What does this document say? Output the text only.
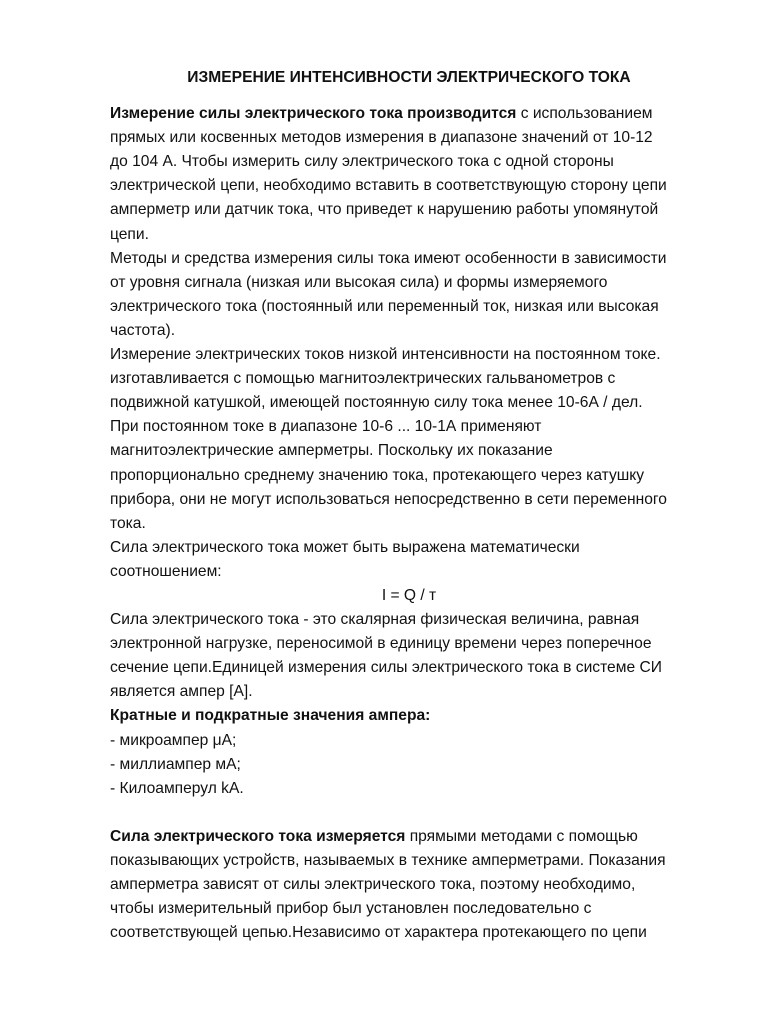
ИЗМЕРЕНИЕ ИНТЕНСИВНОСТИ ЭЛЕКТРИЧЕСКОГО ТОКА
Измерение силы электрического тока производится с использованием
прямых или косвенных методов измерения в диапазоне значений от 10-12
до 104 А. Чтобы измерить силу электрического тока с одной стороны
электрической цепи, необходимо вставить в соответствующую сторону цепи
амперметр или датчик тока, что приведет к нарушению работы упомянутой
цепи.
Методы и средства измерения силы тока имеют особенности в зависимости
от уровня сигнала (низкая или высокая сила) и формы измеряемого
электрического тока (постоянный или переменный ток, низкая или высокая
частота).
Измерение электрических токов низкой интенсивности на постоянном токе.
изготавливается с помощью магнитоэлектрических гальванометров с
подвижной катушкой, имеющей постоянную силу тока менее 10-6А / дел.
При постоянном токе в диапазоне 10-6 ... 10-1А применяют
магнитоэлектрические амперметры. Поскольку их показание
пропорционально среднему значению тока, протекающего через катушку
прибора, они не могут использоваться непосредственно в сети переменного
тока.
Сила электрического тока может быть выражена математически
соотношением:
I = Q / т
Сила электрического тока - это скалярная физическая величина, равная
электронной нагрузке, переносимой в единицу времени через поперечное
сечение цепи.Единицей измерения силы электрического тока в системе СИ
является ампер [А].
Кратные и подкратные значения ампера:
- микроампер μА;
- миллиампер мА;
- Килоамперул kA.
Сила электрического тока измеряется прямыми методами с помощью
показывающих устройств, называемых в технике амперметрами. Показания
амперметра зависят от силы электрического тока, поэтому необходимо,
чтобы измерительный прибор был установлен последовательно с
соответствующей цепью.Независимо от характера протекающего по цепи
